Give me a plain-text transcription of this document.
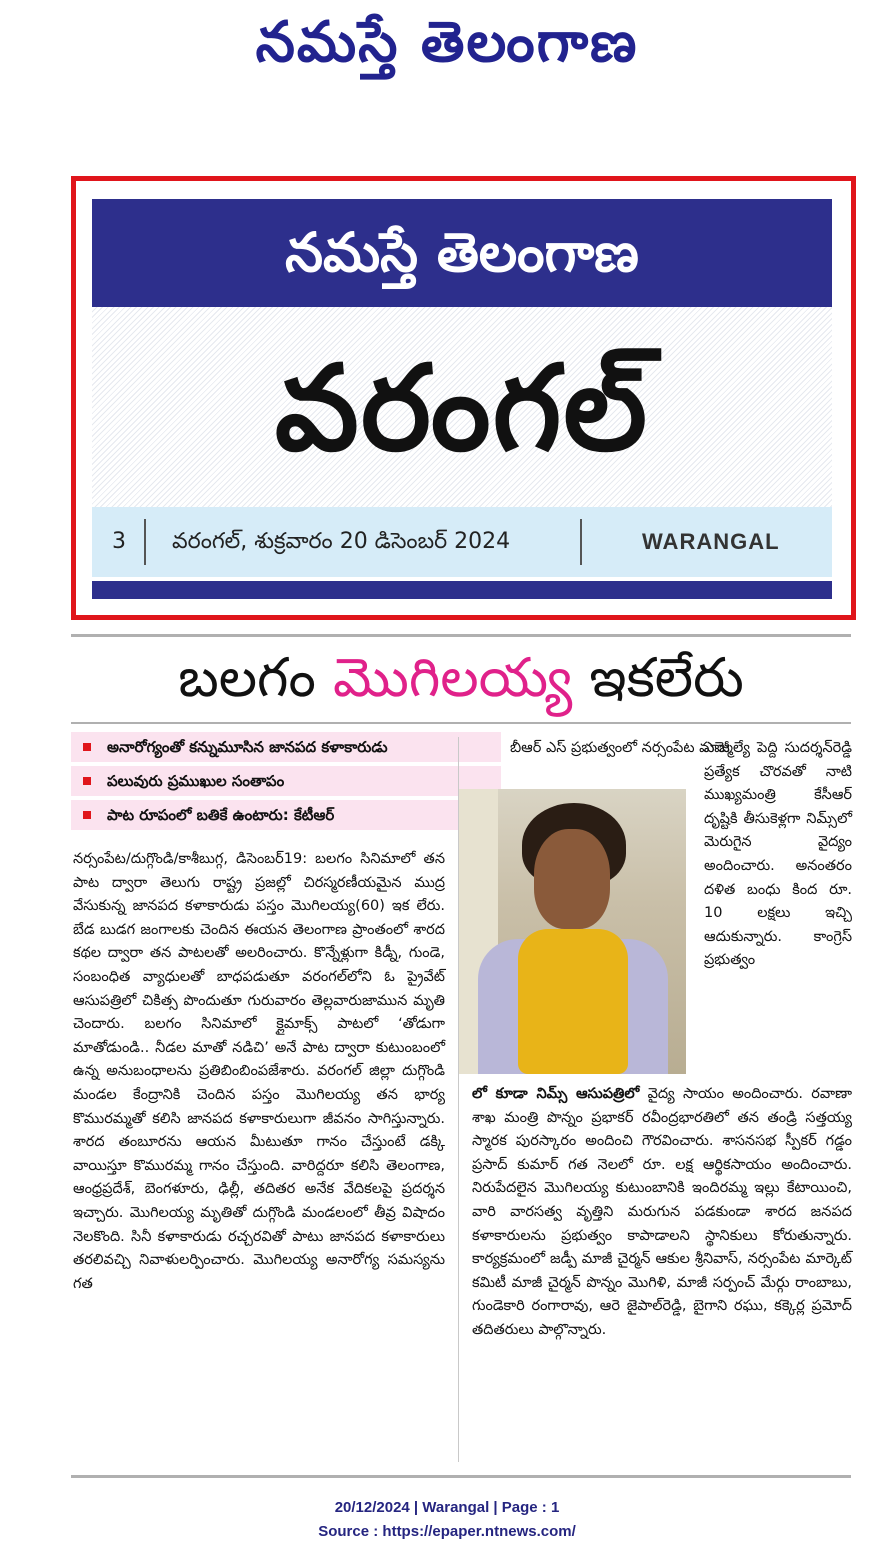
నమస్తే తెలంగాణ
నమస్తే తెలంగాణ
వరంగల్
3 వరంగల్, శుక్రవారం 20 డిసెంబర్ 2024	WARANGAL
బలగం మొగిలయ్య ఇకలేరు
అనారోగ్యంతో కన్నుమూసిన జానపద కళాకారుడు
పలువురు ప్రముఖుల సంతాపం
పాట రూపంలో బతికే ఉంటారు: కేటీఆర్
బీఆర్ ఎస్ ప్రభుత్వంలో నర్సంపేట మాజీ
ఎమ్మెల్యే పెద్ది సుదర్శన్‌రెడ్డి ప్రత్యేక చొరవతో నాటి ముఖ్యమంత్రి కేసీఆర్ దృష్టికి తీసుకెళ్లగా నిమ్స్‌లో మెరుగైన వైద్యం అందించారు. అనంతరం దళిత బంధు కింద రూ. 10 లక్షలు ఇచ్చి ఆదుకున్నారు. కాంగ్రెస్ ప్రభుత్వం
నర్సంపేట/దుగ్గొండి/కాశీబుగ్గ, డిసెంబర్19: బలగం సినిమాలో తన పాట ద్వారా తెలుగు రాష్ట్ర ప్రజల్లో చిరస్మరణీయమైన ముద్ర వేసుకున్న జానపద కళాకారుడు పస్తం మొగిలయ్య(60) ఇక లేరు. బేడ బుడగ జంగాలకు చెందిన ఈయన తెలంగాణ ప్రాంతంలో శారద కథల ద్వారా తన పాటలతో అలరించారు. కొన్నేళ్లుగా కిడ్నీ, గుండె, సంబంధిత వ్యాధులతో బాధపడుతూ వరంగల్‌లోని ఓ ప్రైవేట్ ఆసుపత్రిలో చికిత్స పొందుతూ గురువారం తెల్లవారుజామున మృతి చెందారు. బలగం సినిమాలో క్లైమాక్స్ పాటలో ‘తోడుగా మాతోడుండి.. నీడల మాతో నడిచి’ అనే పాట ద్వారా కుటుంబంలో ఉన్న అనుబంధాలను ప్రతిబింబింపజేశారు. వరంగల్ జిల్లా దుగ్గొండి మండల కేంద్రానికి చెందిన పస్తం మొగిలయ్య తన భార్య కొమురమ్మతో కలిసి జానపద కళాకారులుగా జీవనం సాగిస్తున్నారు. శారద తంబూరను ఆయన మీటుతూ గానం చేస్తుంటే డక్కి వాయిస్తూ కొమురమ్మ గానం చేస్తుంది. వారిద్దరూ కలిసి తెలంగాణ, ఆంధ్రప్రదేశ్, బెంగళూరు, ఢిల్లీ, తదితర అనేక వేదికలపై ప్రదర్శన ఇచ్చారు. మొగిలయ్య మృతితో దుగ్గొండి మండలంలో తీవ్ర విషాదం నెలకొంది. సినీ కళాకారుడు రచ్చరవితో పాటు జానపద కళాకారులు తరలివచ్చి నివాళులర్పించారు. మొగిలయ్య అనారోగ్య సమస్యను గత
లో కూడా నిమ్స్ ఆసుపత్రిలో వైద్య సాయం అందించారు. రవాణా శాఖ మంత్రి పొన్నం ప్రభాకర్ రవీంద్రభారతిలో తన తండ్రి సత్తయ్య స్మారక పురస్కారం అందించి గౌరవించారు. శాసనసభ స్పీకర్ గడ్డం ప్రసాద్ కుమార్ గత నెలలో రూ. లక్ష ఆర్థికసాయం అందించారు. నిరుపేదలైన మొగిలయ్య కుటుంబానికి ఇందిరమ్మ ఇల్లు కేటాయించి, వారి వారసత్వ వృత్తిని మరుగున పడకుండా శారద జనపద కళాకారులను ప్రభుత్వం కాపాడాలని స్థానికులు కోరుతున్నారు. కార్యక్రమంలో జడ్పీ మాజీ చైర్మన్ ఆకుల శ్రీనివాస్, నర్సంపేట మార్కెట్ కమిటీ మాజీ చైర్మన్ పొన్నం మొగిళి, మాజీ సర్పంచ్ మేర్గు రాంబాబు, గుండెకారి రంగారావు, ఆరె జైపాల్‌రెడ్డి, బైగాని రఘు, కక్కెర్ల ప్రమోద్ తదితరులు పాల్గొన్నారు.
20/12/2024 | Warangal | Page : 1
Source : https://epaper.ntnews.com/
